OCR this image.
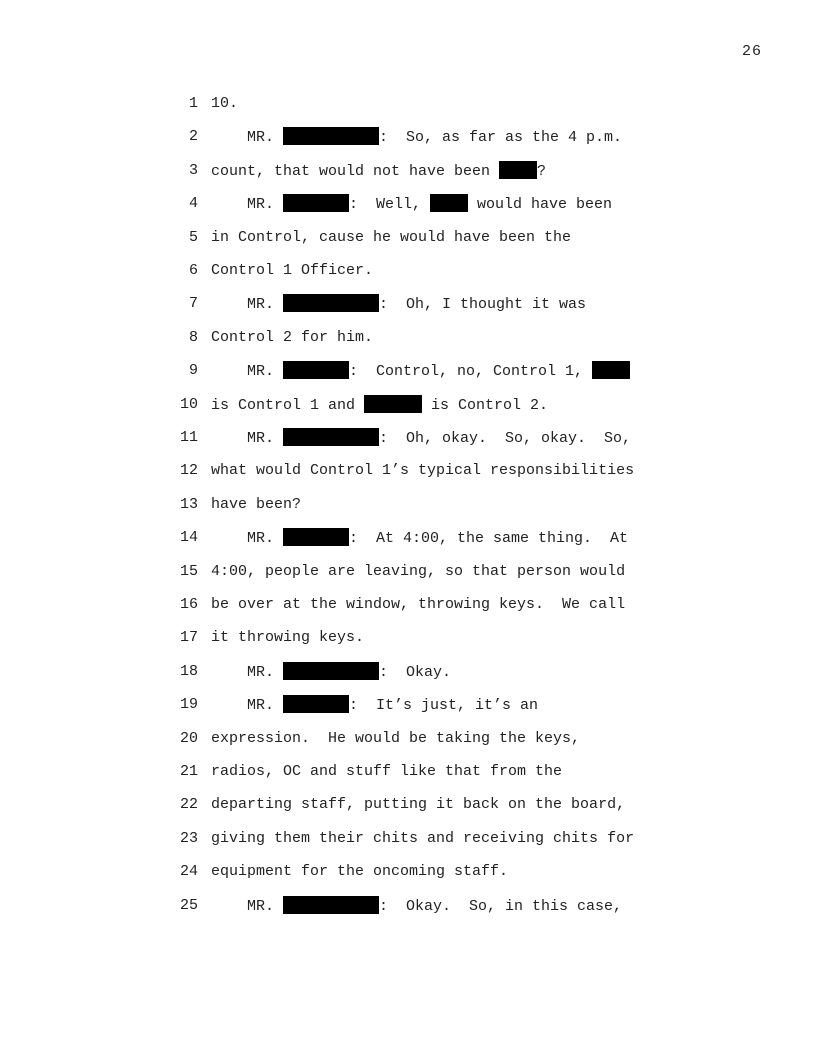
26
1 10.
2 MR.	:  So, as far as the 4 p.m.
3 count, that would not have been	?
4 MR.	:  Well,	would have been
5 in Control, cause he would have been the
6 Control 1 Officer.
7 MR.	:  Oh, I thought it was
8 Control 2 for him.
9 MR.	:  Control, no, Control 1,
10 is Control 1 and	is Control 2.
11 MR.	:  Oh, okay.  So, okay.  So,
12 what would Control 1’s typical responsibilities
13 have been?
14 MR.	:  At 4:00, the same thing.  At
15 4:00, people are leaving, so that person would
16 be over at the window, throwing keys.  We call
17 it throwing keys.
18 MR.	:  Okay.
19 MR.	:  It’s just, it’s an
20 expression.  He would be taking the keys,
21 radios, OC and stuff like that from the
22 departing staff, putting it back on the board,
23 giving them their chits and receiving chits for
24 equipment for the oncoming staff.
25 MR.	:  Okay.  So, in this case,
